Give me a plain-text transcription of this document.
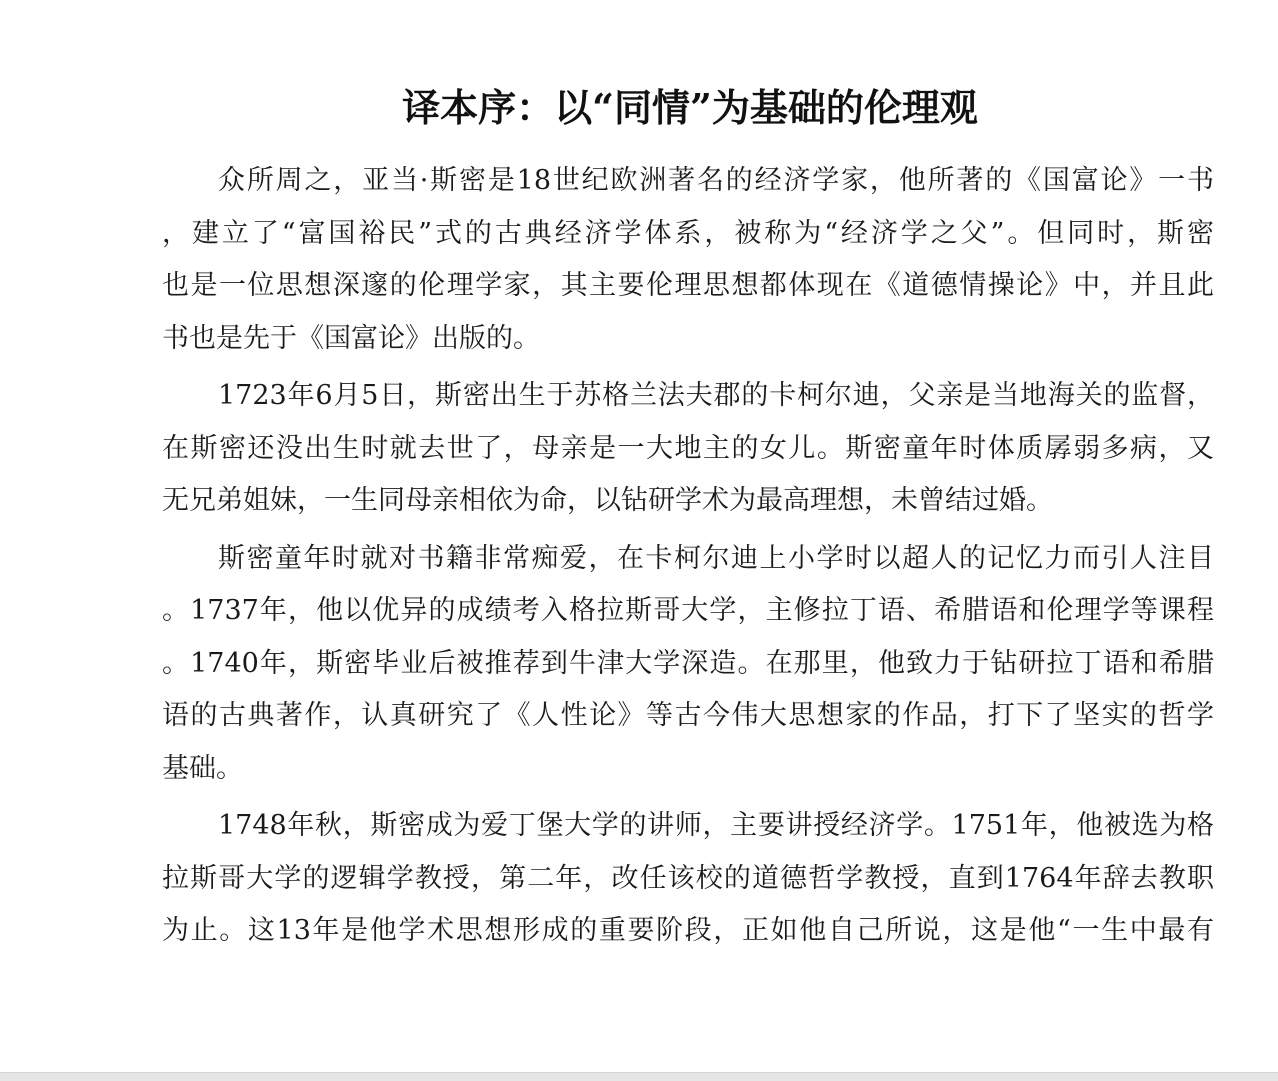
译本序：以“同情”为基础的伦理观
众所周之，亚当·斯密是18世纪欧洲著名的经济学家，他所著的《国富论》一书
，建立了“富国裕民”式的古典经济学体系，被称为“经济学之父”。但同时，斯密
也是一位思想深邃的伦理学家，其主要伦理思想都体现在《道德情操论》中，并且此
书也是先于《国富论》出版的。
1723年6月5日，斯密出生于苏格兰法夫郡的卡柯尔迪，父亲是当地海关的监督，
在斯密还没出生时就去世了，母亲是一大地主的女儿。斯密童年时体质孱弱多病，又
无兄弟姐妹，一生同母亲相依为命，以钻研学术为最高理想，未曾结过婚。
斯密童年时就对书籍非常痴爱，在卡柯尔迪上小学时以超人的记忆力而引人注目
。1737年，他以优异的成绩考入格拉斯哥大学，主修拉丁语、希腊语和伦理学等课程
。1740年，斯密毕业后被推荐到牛津大学深造。在那里，他致力于钻研拉丁语和希腊
语的古典著作，认真研究了《人性论》等古今伟大思想家的作品，打下了坚实的哲学
基础。
1748年秋，斯密成为爱丁堡大学的讲师，主要讲授经济学。1751年，他被选为格
拉斯哥大学的逻辑学教授，第二年，改任该校的道德哲学教授，直到1764年辞去教职
为止。这13年是他学术思想形成的重要阶段，正如他自己所说，这是他“一生中最有
